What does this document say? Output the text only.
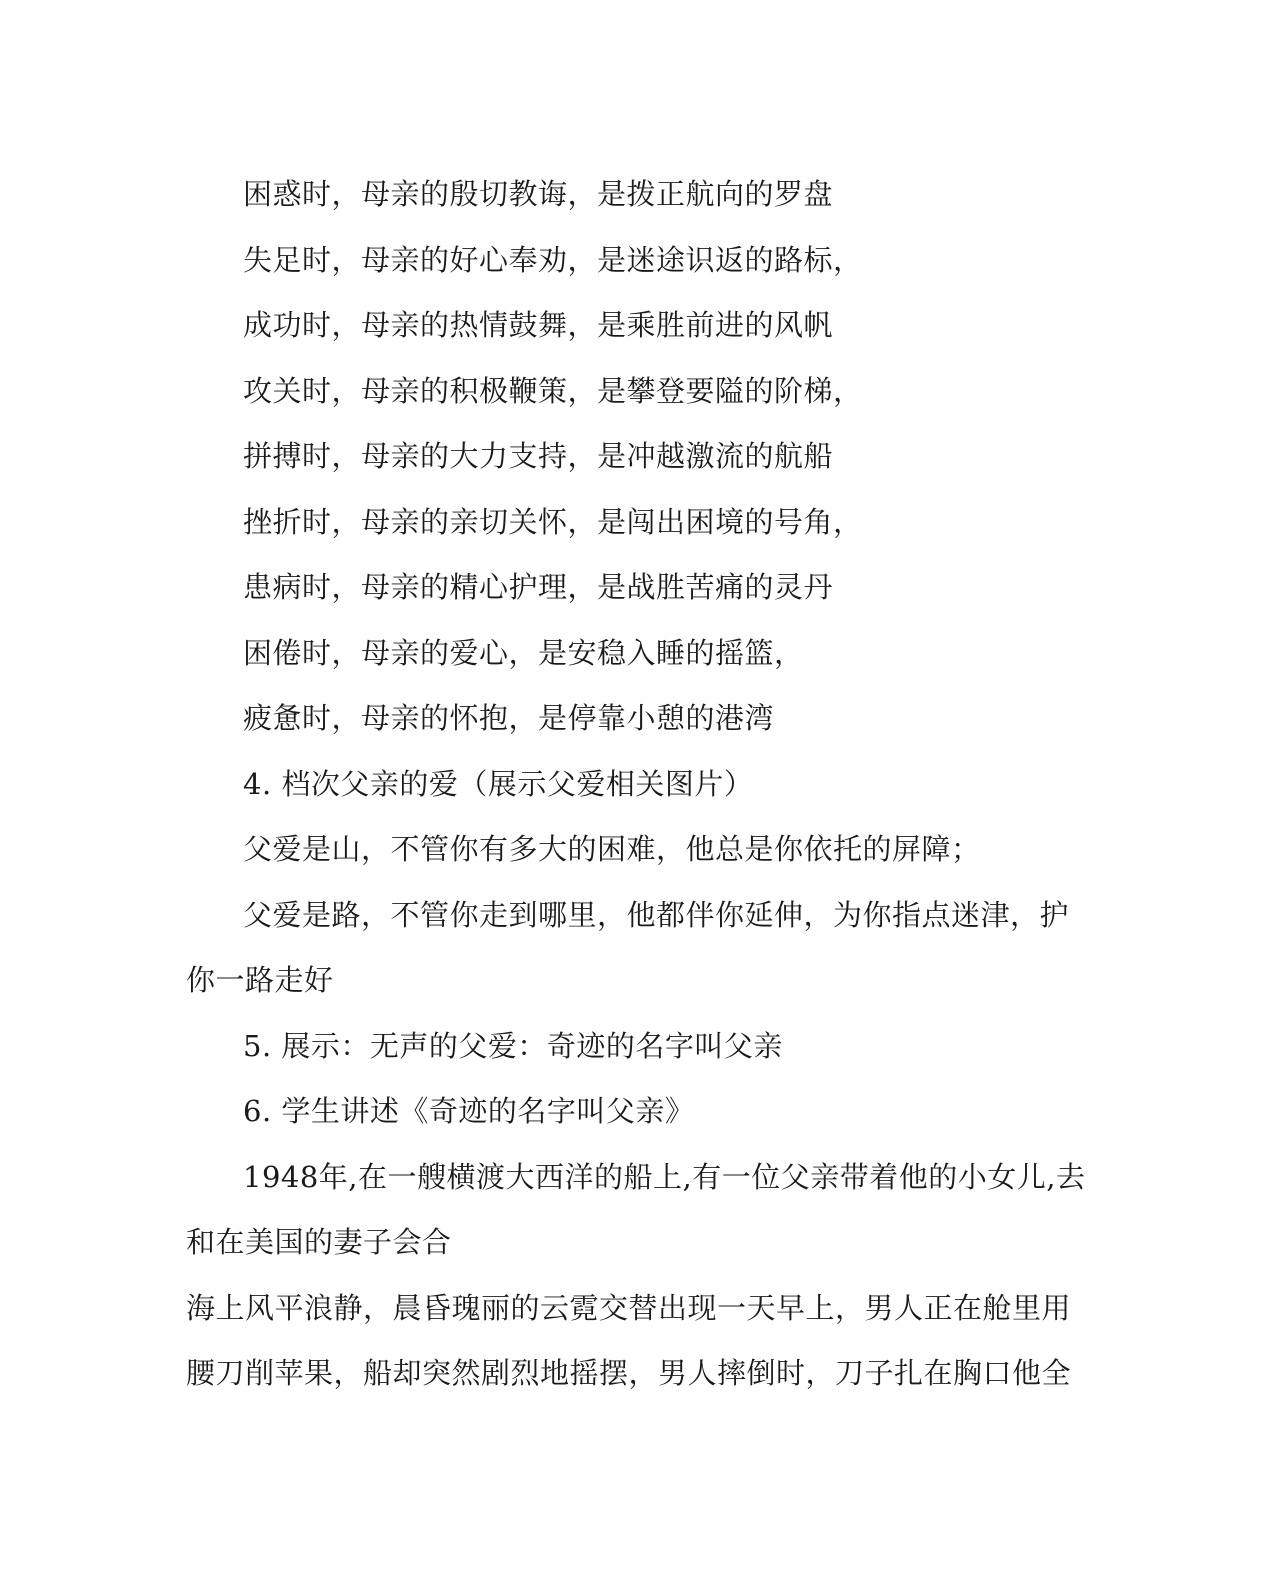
困惑时，母亲的殷切教诲，是拨正航向的罗盘
失足时，母亲的好心奉劝，是迷途识返的路标，
成功时，母亲的热情鼓舞，是乘胜前进的风帆
攻关时，母亲的积极鞭策，是攀登要隘的阶梯，
拼搏时，母亲的大力支持，是冲越激流的航船
挫折时，母亲的亲切关怀，是闯出困境的号角，
患病时，母亲的精心护理，是战胜苦痛的灵丹
困倦时，母亲的爱心，是安稳入睡的摇篮，
疲惫时，母亲的怀抱，是停靠小憩的港湾
4. 档次父亲的爱（展示父爱相关图片）
父爱是山，不管你有多大的困难，他总是你依托的屏障；
父爱是路，不管你走到哪里，他都伴你延伸，为你指点迷津，护
你一路走好
5. 展示：无声的父爱：奇迹的名字叫父亲
6. 学生讲述《奇迹的名字叫父亲》
1948年,在一艘横渡大西洋的船上,有一位父亲带着他的小女儿,去
和在美国的妻子会合
海上风平浪静，晨昏瑰丽的云霓交替出现一天早上，男人正在舱里用
腰刀削苹果，船却突然剧烈地摇摆，男人摔倒时，刀子扎在胸口他全
